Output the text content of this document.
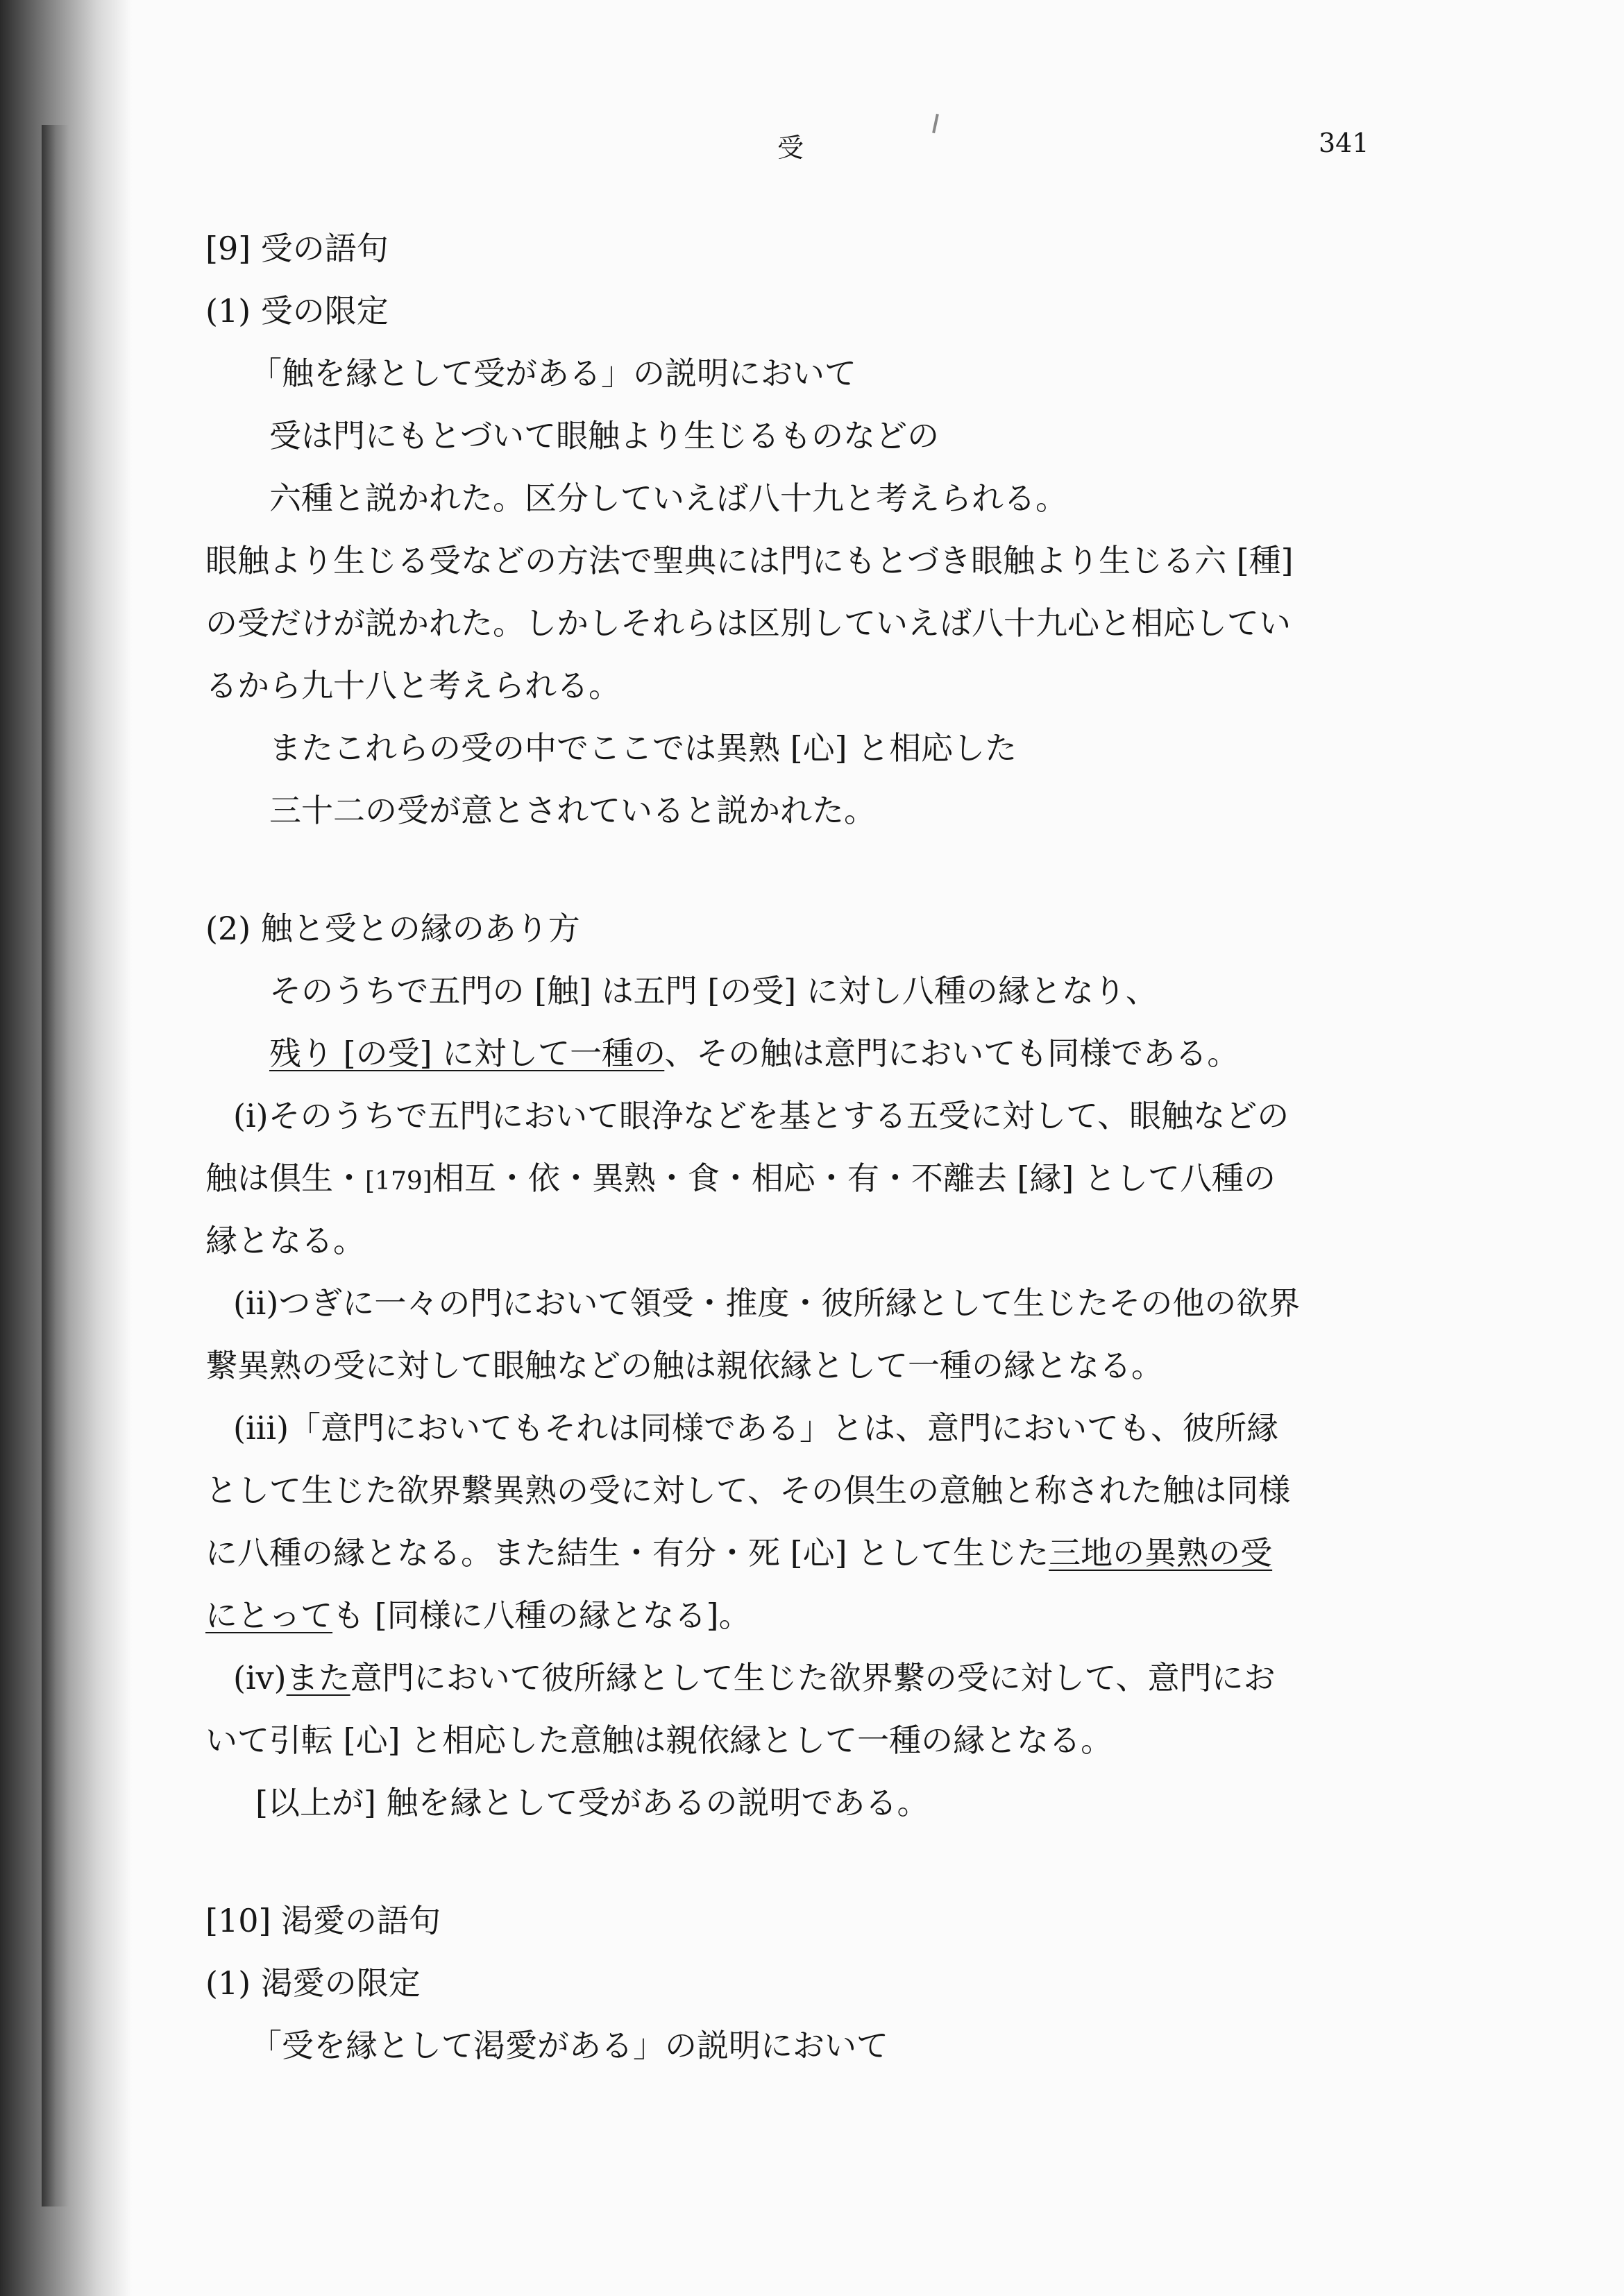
受	341
[9] 受の語句
(1) 受の限定
「触を縁として受がある」の説明において
受は門にもとづいて眼触より生じるものなどの
六種と説かれた。区分していえば八十九と考えられる。
眼触より生じる受などの方法で聖典には門にもとづき眼触より生じる六 [種]
の受だけが説かれた。しかしそれらは区別していえば八十九心と相応してい
るから九十八と考えられる。
またこれらの受の中でここでは異熟 [心] と相応した
三十二の受が意とされていると説かれた。
(2) 触と受との縁のあり方
そのうちで五門の [触] は五門 [の受] に対し八種の縁となり、
残り [の受] に対して一種の、その触は意門においても同様である。
(i)そのうちで五門において眼浄などを基とする五受に対して、眼触などの
触は倶生・[179]相互・依・異熟・食・相応・有・不離去 [縁] として八種の
縁となる。
(ii)つぎに一々の門において領受・推度・彼所縁として生じたその他の欲界
繋異熟の受に対して眼触などの触は親依縁として一種の縁となる。
(iii)「意門においてもそれは同様である」とは、意門においても、彼所縁
として生じた欲界繋異熟の受に対して、その倶生の意触と称された触は同様
に八種の縁となる。また結生・有分・死 [心] として生じた三地の異熟の受
にとっても [同様に八種の縁となる]。
(iv)また意門において彼所縁として生じた欲界繋の受に対して、意門にお
いて引転 [心] と相応した意触は親依縁として一種の縁となる。
[以上が] 触を縁として受があるの説明である。
[10] 渇愛の語句
(1) 渇愛の限定
「受を縁として渇愛がある」の説明において
